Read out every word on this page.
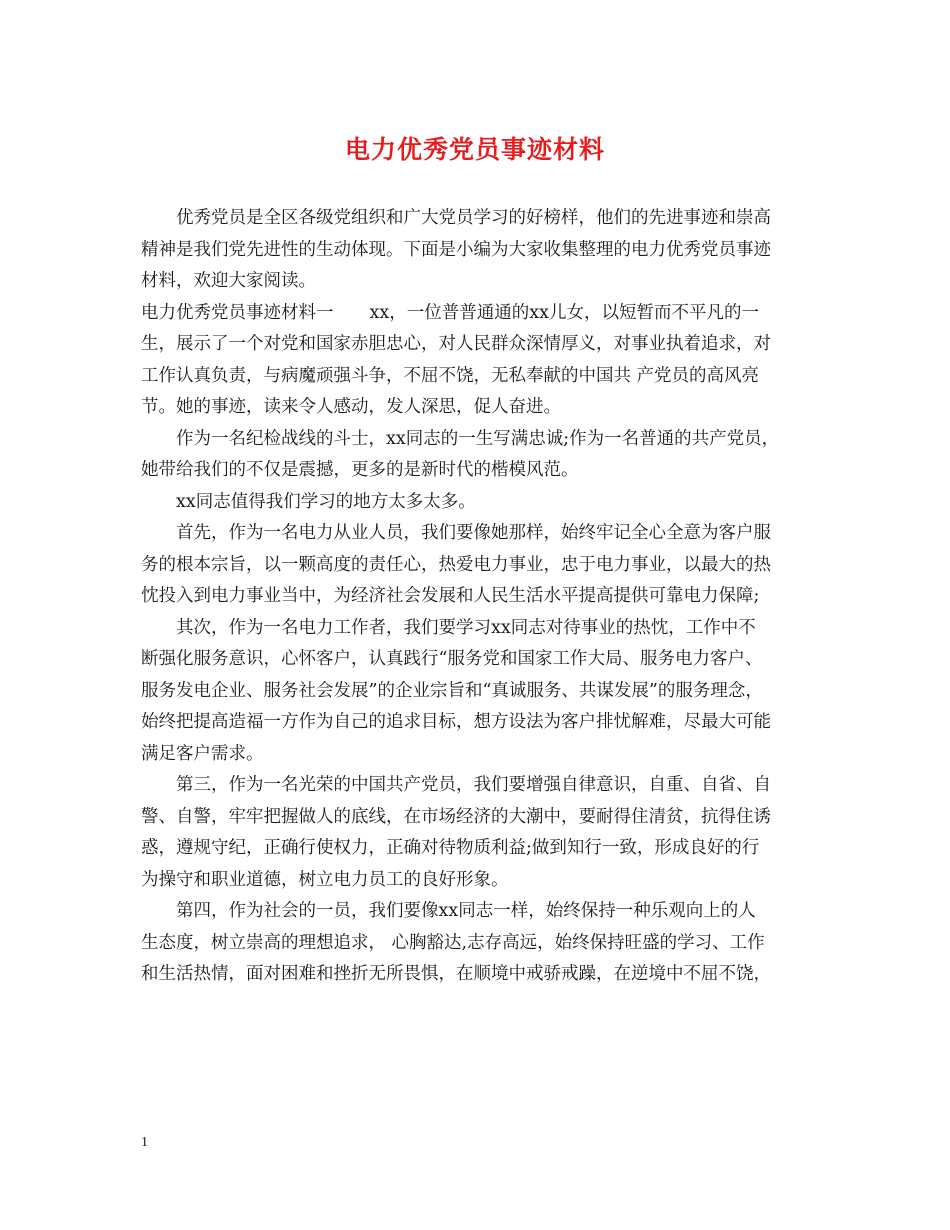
电力优秀党员事迹材料
优秀党员是全区各级党组织和广大党员学习的好榜样，他们的先进事迹和崇高
精神是我们党先进性的生动体现。下面是小编为大家收集整理的电力优秀党员事迹
材料，欢迎大家阅读。
电力优秀党员事迹材料一 xx，一位普普通通的xx儿女，以短暂而不平凡的一
生，展示了一个对党和国家赤胆忠心，对人民群众深情厚义，对事业执着追求，对
工作认真负责，与病魔顽强斗争，不屈不饶，无私奉献的中国共 产党员的高风亮
节。她的事迹，读来令人感动，发人深思，促人奋进。
作为一名纪检战线的斗士，xx同志的一生写满忠诚;作为一名普通的共产党员，
她带给我们的不仅是震撼，更多的是新时代的楷模风范。
xx同志值得我们学习的地方太多太多。
首先，作为一名电力从业人员，我们要像她那样，始终牢记全心全意为客户服
务的根本宗旨，以一颗高度的责任心，热爱电力事业，忠于电力事业，以最大的热
忱投入到电力事业当中，为经济社会发展和人民生活水平提高提供可靠电力保障;
其次，作为一名电力工作者，我们要学习xx同志对待事业的热忱，工作中不
断强化服务意识，心怀客户，认真践行“服务党和国家工作大局、服务电力客户、
服务发电企业、服务社会发展”的企业宗旨和“真诚服务、共谋发展”的服务理念，
始终把提高造福一方作为自己的追求目标，想方设法为客户排忧解难，尽最大可能
满足客户需求。
第三，作为一名光荣的中国共产党员，我们要增强自律意识，自重、自省、自
警、自警，牢牢把握做人的底线，在市场经济的大潮中，要耐得住清贫，抗得住诱
惑，遵规守纪，正确行使权力，正确对待物质利益;做到知行一致，形成良好的行
为操守和职业道德，树立电力员工的良好形象。
第四，作为社会的一员，我们要像xx同志一样，始终保持一种乐观向上的人
生态度，树立崇高的理想追求， 心胸豁达,志存高远，始终保持旺盛的学习、工作
和生活热情，面对困难和挫折无所畏惧，在顺境中戒骄戒躁，在逆境中不屈不饶，
1
